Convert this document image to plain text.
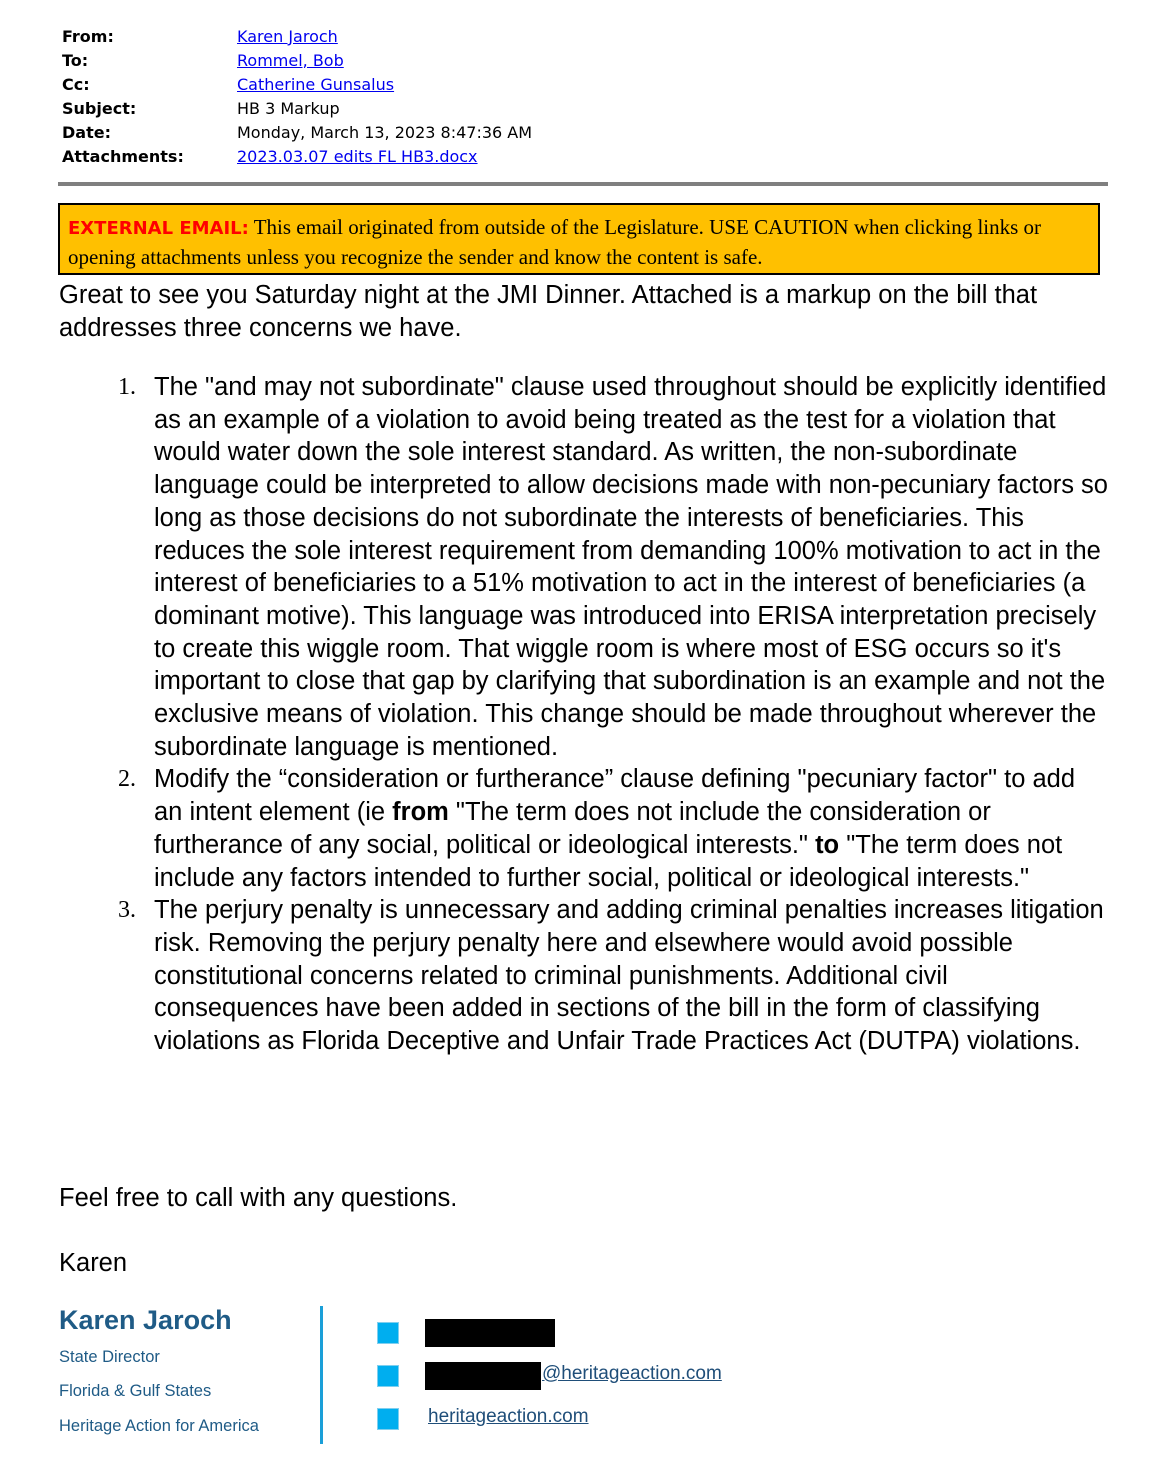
From:	Karen Jaroch
To:	Rommel, Bob
Cc:	Catherine Gunsalus
Subject:	HB 3 Markup
Date:	Monday, March 13, 2023 8:47:36 AM
Attachments:	2023.03.07 edits FL HB3.docx
EXTERNAL EMAIL: This email originated from outside of the Legislature. USE CAUTION when clicking links or opening attachments unless you recognize the sender and know the content is safe.
Great to see you Saturday night at the JMI Dinner. Attached is a markup on the bill that addresses three concerns we have.
1. The "and may not subordinate" clause used throughout should be explicitly identified as an example of a violation to avoid being treated as the test for a violation that would water down the sole interest standard. As written, the non-subordinate language could be interpreted to allow decisions made with non-pecuniary factors so long as those decisions do not subordinate the interests of beneficiaries. This reduces the sole interest requirement from demanding 100% motivation to act in the interest of beneficiaries to a 51% motivation to act in the interest of beneficiaries (a dominant motive). This language was introduced into ERISA interpretation precisely to create this wiggle room. That wiggle room is where most of ESG occurs so it's important to close that gap by clarifying that subordination is an example and not the exclusive means of violation. This change should be made throughout wherever the subordinate language is mentioned.
2. Modify the “consideration or furtherance” clause defining "pecuniary factor" to add an intent element (ie from "The term does not include the consideration or furtherance of any social, political or ideological interests." to "The term does not include any factors intended to further social, political or ideological interests."
3. The perjury penalty is unnecessary and adding criminal penalties increases litigation risk. Removing the perjury penalty here and elsewhere would avoid possible constitutional concerns related to criminal punishments. Additional civil consequences have been added in sections of the bill in the form of classifying violations as Florida Deceptive and Unfair Trade Practices Act (DUTPA) violations.
Feel free to call with any questions.
Karen
Karen Jaroch
State Director
Florida & Gulf States
Heritage Action for America
@heritageaction.com
heritageaction.com
